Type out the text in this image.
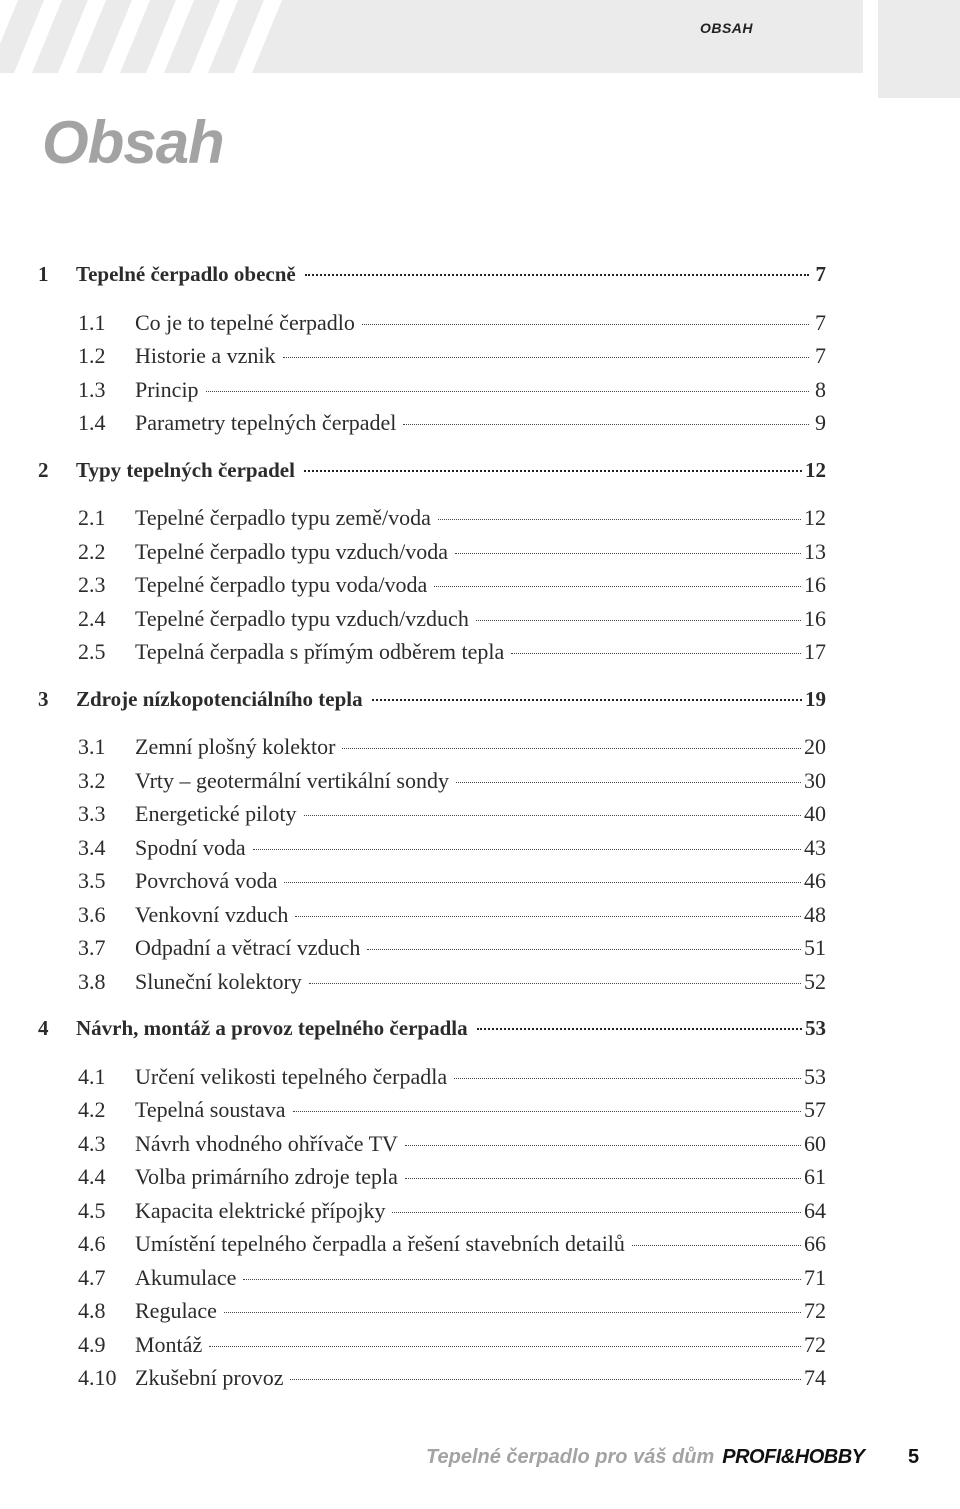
OBSAH
Obsah
1	Tepelné čerpadlo obecně	7
1.1	Co je to tepelné čerpadlo	7
1.2	Historie a vznik	7
1.3	Princip	8
1.4	Parametry tepelných čerpadel	9
2	Typy tepelných čerpadel	12
2.1	Tepelné čerpadlo typu země/voda	12
2.2	Tepelné čerpadlo typu vzduch/voda	13
2.3	Tepelné čerpadlo typu voda/voda	16
2.4	Tepelné čerpadlo typu vzduch/vzduch	16
2.5	Tepelná čerpadla s přímým odběrem tepla	17
3	Zdroje nízkopotenciálního tepla	19
3.1	Zemní plošný kolektor	20
3.2	Vrty – geotermální vertikální sondy	30
3.3	Energetické piloty	40
3.4	Spodní voda	43
3.5	Povrchová voda	46
3.6	Venkovní vzduch	48
3.7	Odpadní a větrací vzduch	51
3.8	Sluneční kolektory	52
4	Návrh, montáž a provoz tepelného čerpadla	53
4.1	Určení velikosti tepelného čerpadla	53
4.2	Tepelná soustava	57
4.3	Návrh vhodného ohřívače TV	60
4.4	Volba primárního zdroje tepla	61
4.5	Kapacita elektrické přípojky	64
4.6	Umístění tepelného čerpadla a řešení stavebních detailů	66
4.7	Akumulace	71
4.8	Regulace	72
4.9	Montáž	72
4.10 Zkušební provoz	74
Tepelné čerpadlo pro váš dům PROFI&HOBBY 5
